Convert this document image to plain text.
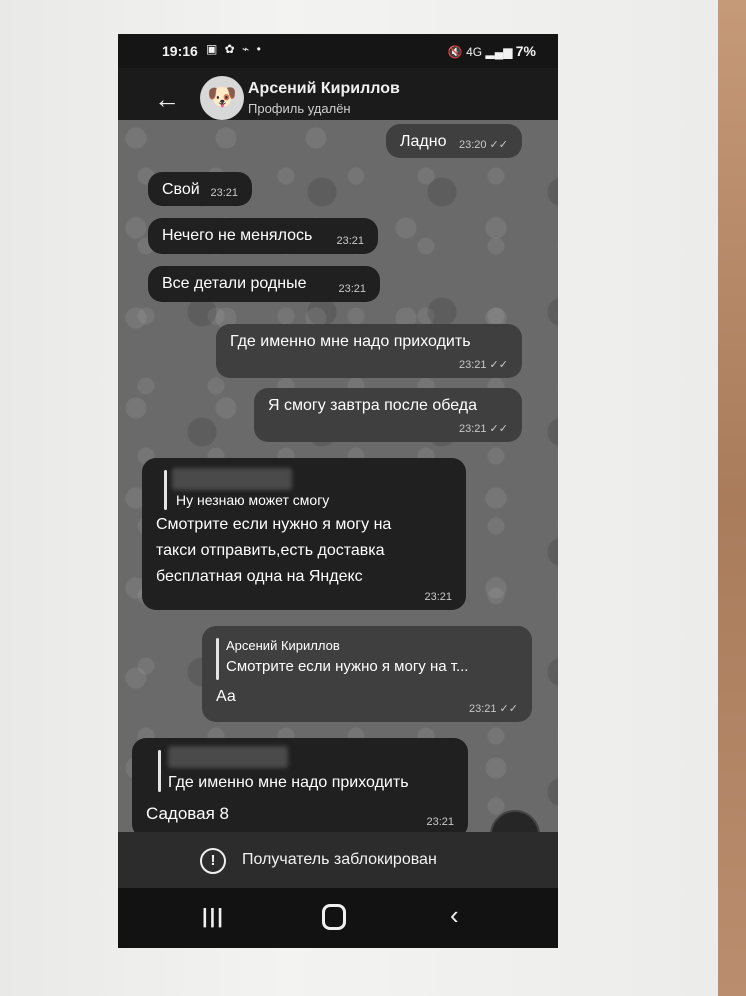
19:16 ▣ ✿ ⌁ •	🔇 4G ▂▄▆ 7%
← 🐶 Арсений Кириллов
Профиль удалён
Ладно 23:20 ✓✓
Свой 23:21
Нечего не менялось 23:21
Все детали родные	23:21
Где именно мне надо приходить
23:21 ✓✓
Я смогу завтра после обеда
23:21 ✓✓
Ну незнаю может смогу
Смотрите если нужно я могу на
такси отправить,есть доставка
бесплатная одна на Яндекс
23:21
Арсений Кириллов
Смотрите если нужно я могу на т...
Аа
23:21 ✓✓
Где именно мне надо приходить
Садовая 8	23:21
!	Получатель заблокирован
|||	‹
